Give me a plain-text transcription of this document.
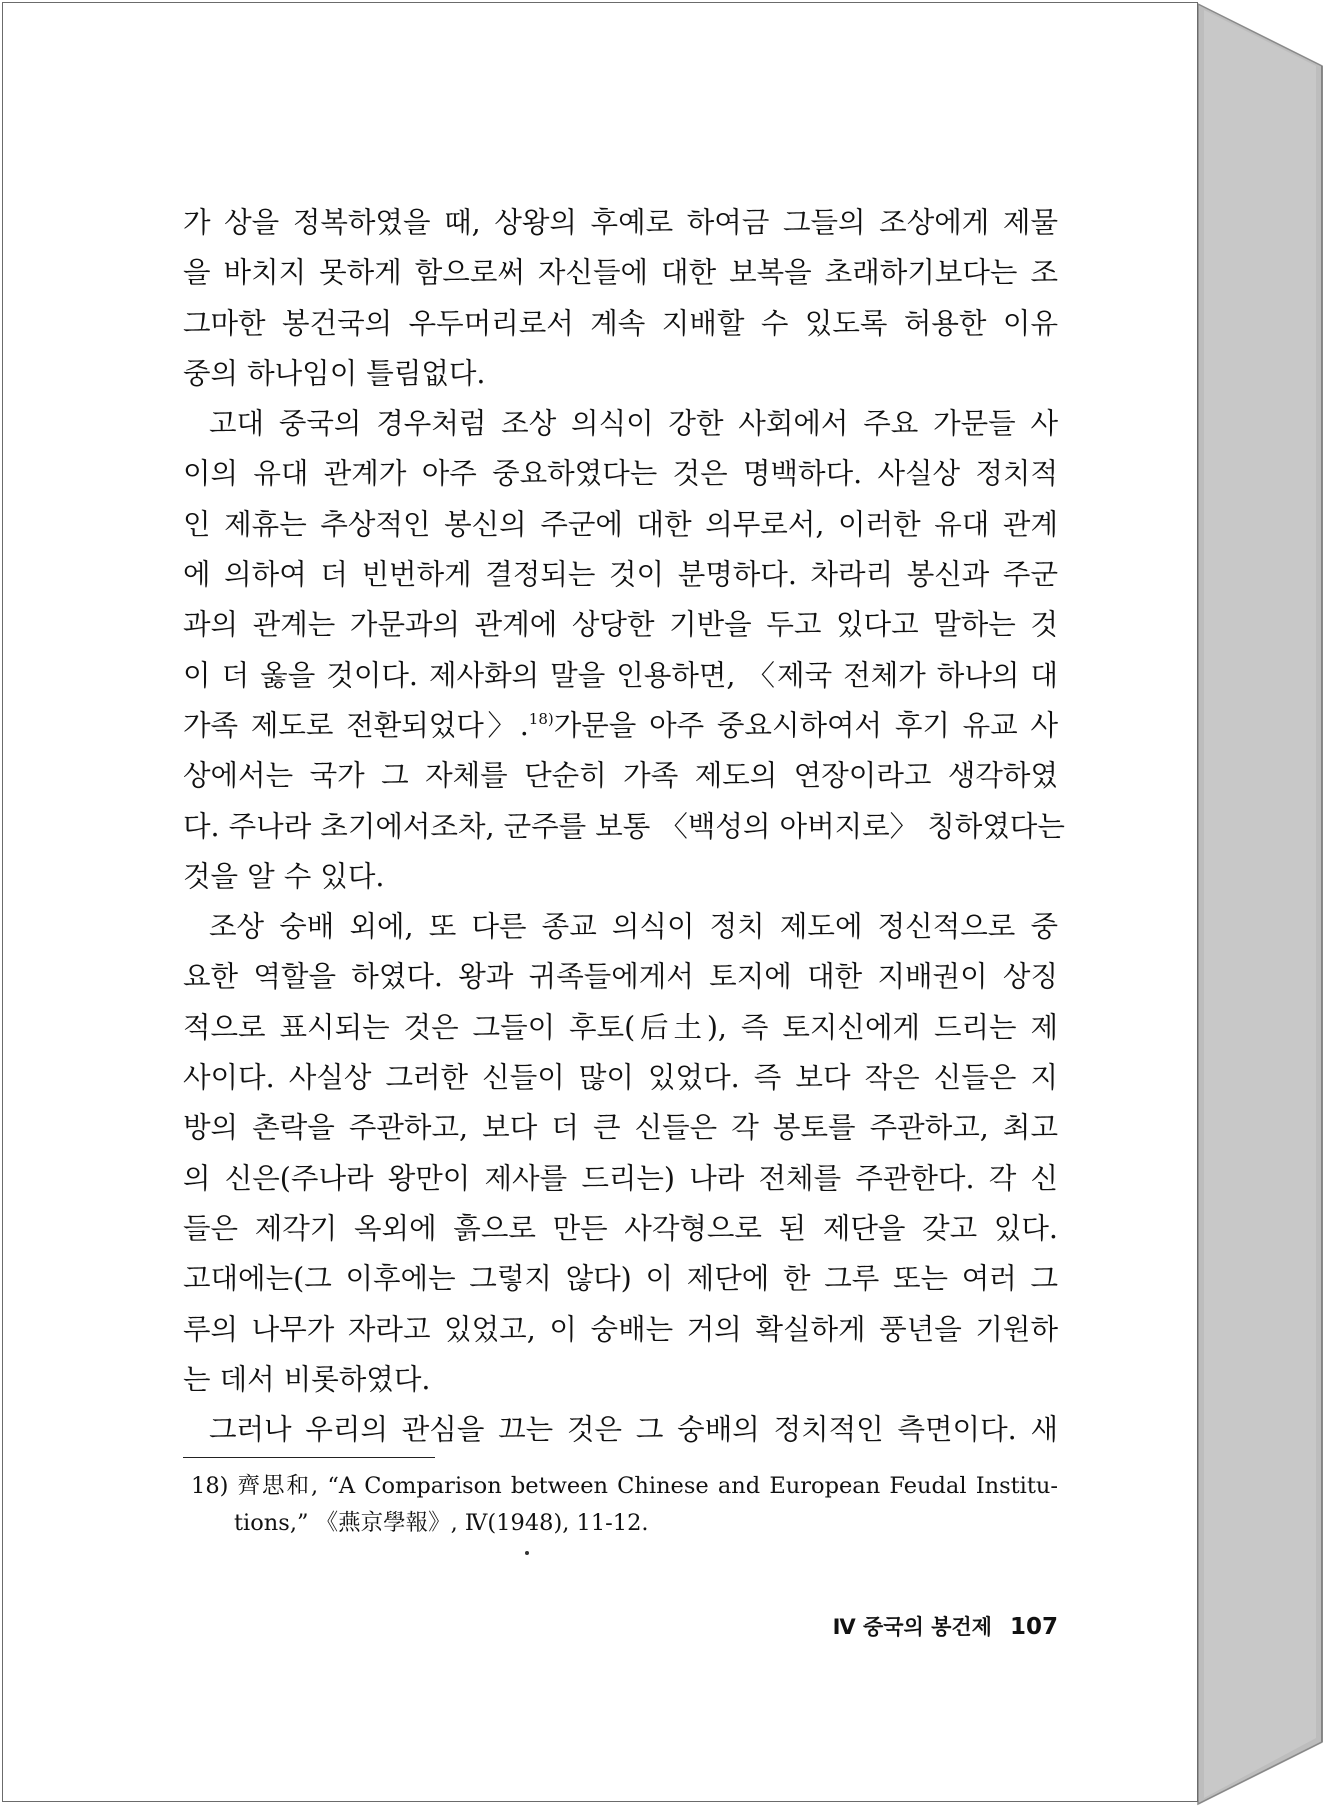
가 상을 정복하였을 때, 상왕의 후예로 하여금 그들의 조상에게 제물
을 바치지 못하게 함으로써 자신들에 대한 보복을 초래하기보다는 조
그마한 봉건국의 우두머리로서 계속 지배할 수 있도록 허용한 이유
중의 하나임이 틀림없다.
고대 중국의 경우처럼 조상 의식이 강한 사회에서 주요 가문들 사
이의 유대 관계가 아주 중요하였다는 것은 명백하다. 사실상 정치적
인 제휴는 추상적인 봉신의 주군에 대한 의무로서, 이러한 유대 관계
에 의하여 더 빈번하게 결정되는 것이 분명하다. 차라리 봉신과 주군
과의 관계는 가문과의 관계에 상당한 기반을 두고 있다고 말하는 것
이 더 옳을 것이다. 제사화의 말을 인용하면, 〈제국 전체가 하나의 대
가족 제도로 전환되었다〉.$^{18)}$가문을 아주 중요시하여서 후기 유교 사
상에서는 국가 그 자체를 단순히 가족 제도의 연장이라고 생각하였
다. 주나라 초기에서조차, 군주를 보통 〈백성의 아버지로〉 칭하였다는
것을 알 수 있다.
조상 숭배 외에, 또 다른 종교 의식이 정치 제도에 정신적으로 중
요한 역할을 하였다. 왕과 귀족들에게서 토지에 대한 지배권이 상징
적으로 표시되는 것은 그들이 후토(后土), 즉 토지신에게 드리는 제
사이다. 사실상 그러한 신들이 많이 있었다. 즉 보다 작은 신들은 지
방의 촌락을 주관하고, 보다 더 큰 신들은 각 봉토를 주관하고, 최고
의 신은(주나라 왕만이 제사를 드리는) 나라 전체를 주관한다. 각 신
들은 제각기 옥외에 흙으로 만든 사각형으로 된 제단을 갖고 있다.
고대에는(그 이후에는 그렇지 않다) 이 제단에 한 그루 또는 여러 그
루의 나무가 자라고 있었고, 이 숭배는 거의 확실하게 풍년을 기원하
는 데서 비롯하였다.
그러나 우리의 관심을 끄는 것은 그 숭배의 정치적인 측면이다. 새
18) 齊思和, “A Comparison between Chinese and European Feudal Institu-
tions,” 《燕京學報》, Ⅳ(1948), 11-12.
Ⅳ 중국의 봉건제 107
